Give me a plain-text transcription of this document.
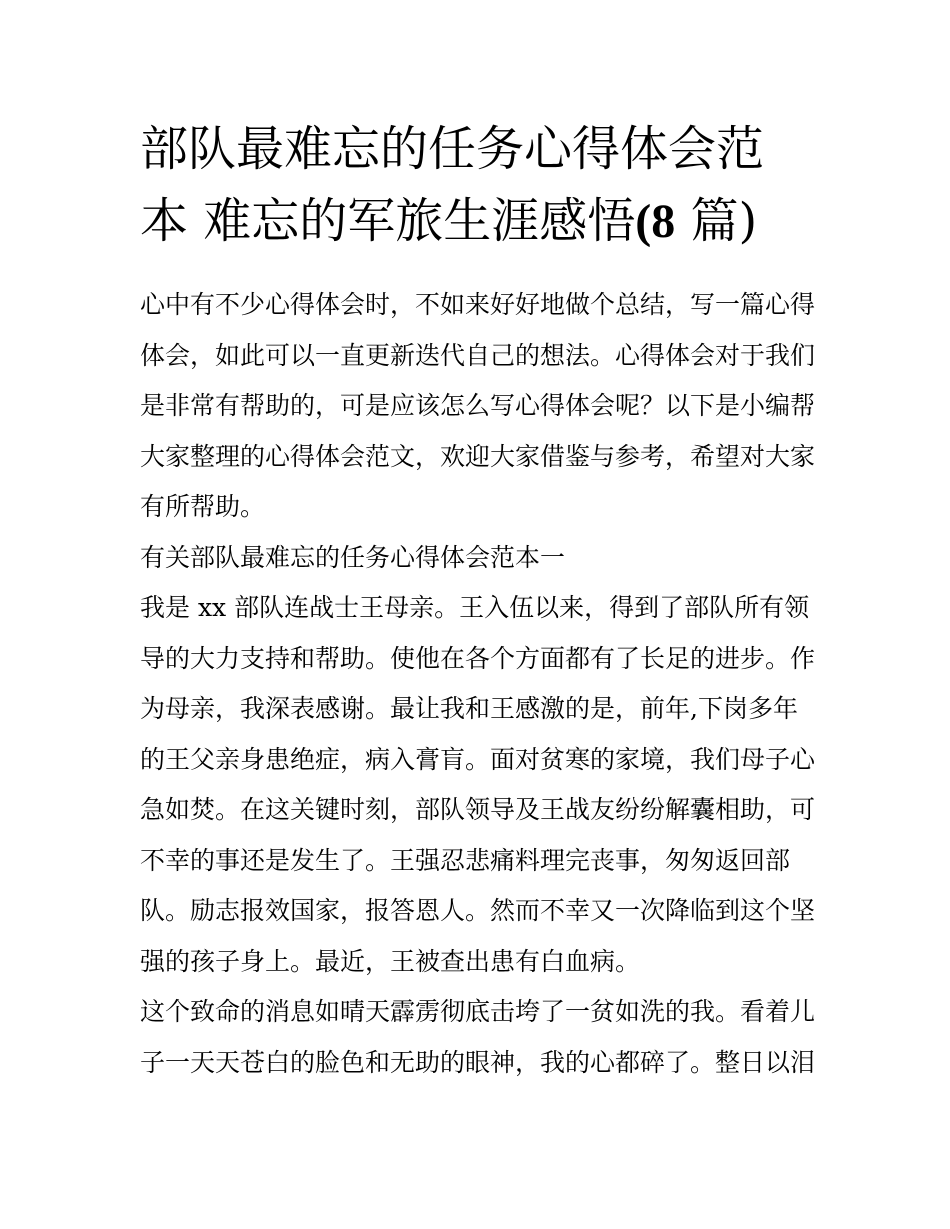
部队最难忘的任务心得体会范
本 难忘的军旅生涯感悟(8 篇)

心中有不少心得体会时，不如来好好地做个总结，写一篇心得
体会，如此可以一直更新迭代自己的想法。心得体会对于我们
是非常有帮助的，可是应该怎么写心得体会呢？以下是小编帮
大家整理的心得体会范文，欢迎大家借鉴与参考，希望对大家
有所帮助。

有关部队最难忘的任务心得体会范本一

我是 xx 部队连战士王母亲。王入伍以来，得到了部队所有领
导的大力支持和帮助。使他在各个方面都有了长足的进步。作
为母亲，我深表感谢。最让我和王感激的是，前年,下岗多年
的王父亲身患绝症，病入膏肓。面对贫寒的家境，我们母子心
急如焚。在这关键时刻，部队领导及王战友纷纷解囊相助，可
不幸的事还是发生了。王强忍悲痛料理完丧事，匆匆返回部
队。励志报效国家，报答恩人。然而不幸又一次降临到这个坚
强的孩子身上。最近，王被查出患有白血病。

这个致命的消息如晴天霹雳彻底击垮了一贫如洗的我。看着儿
子一天天苍白的脸色和无助的眼神，我的心都碎了。整日以泪
